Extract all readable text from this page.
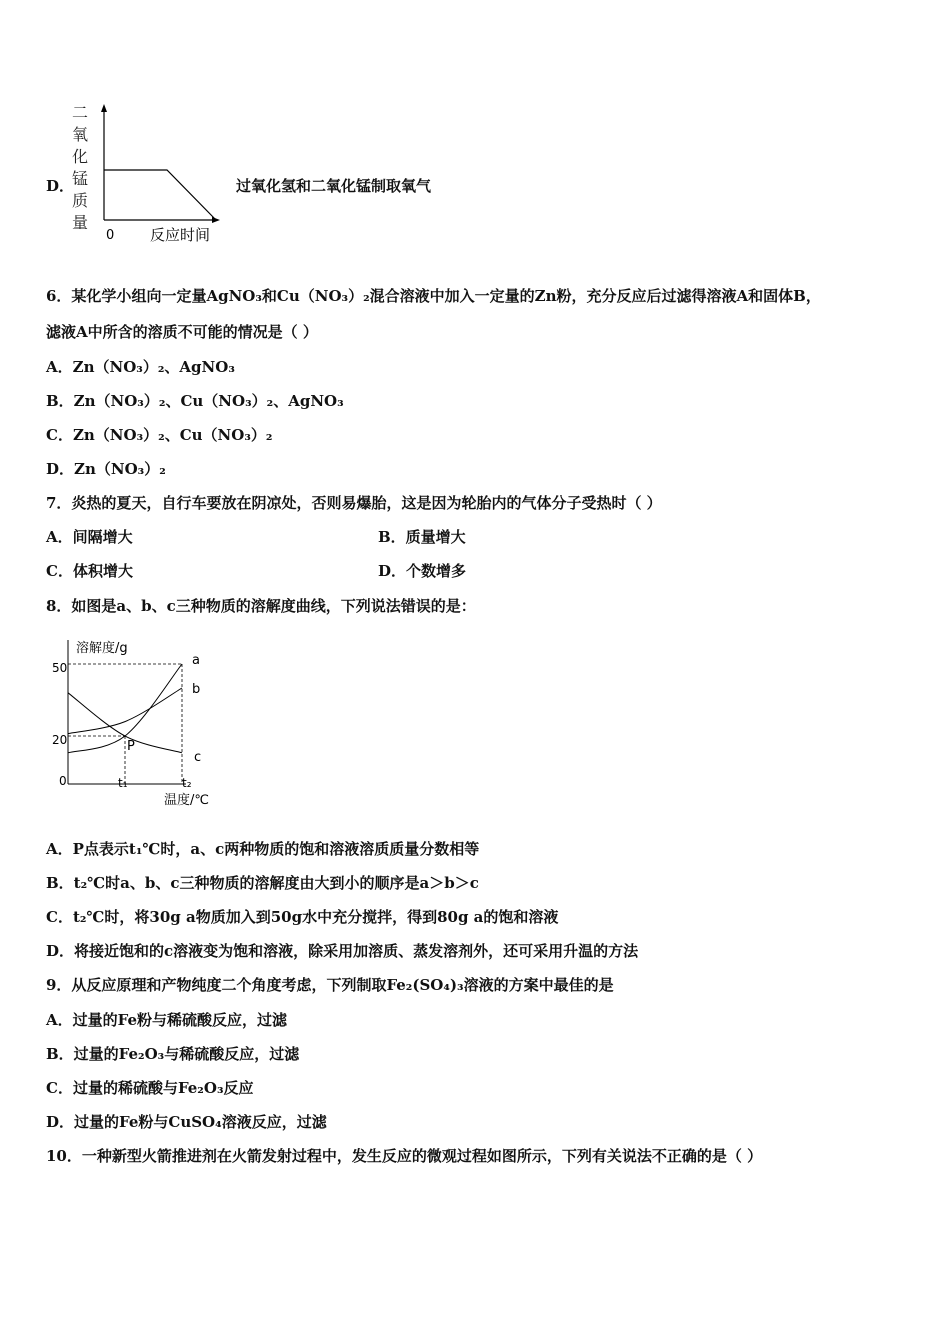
D．
二
氧
化
锰
质
量
0 反应时间
过氧化氢和二氧化锰制取氧气
6．某化学小组向一定量AgNO₃和Cu（NO₃）₂混合溶液中加入一定量的Zn粉，充分反应后过滤得溶液A和固体B，
滤液A中所含的溶质不可能的情况是（ ）
A．Zn（NO₃）₂、AgNO₃
B．Zn（NO₃）₂、Cu（NO₃）₂、AgNO₃
C．Zn（NO₃）₂、Cu（NO₃）₂
D．Zn（NO₃）₂
7．炎热的夏天，自行车要放在阴凉处，否则易爆胎，这是因为轮胎内的气体分子受热时（ ）
A．间隔增大	B．质量增大
C．体积增大	D．个数增多
8．如图是a、b、c三种物质的溶解度曲线，下列说法错误的是：
溶解度/g
温度/℃
0
50
20
t₁	t₂
a
b
c
P
A．P点表示t₁℃时，a、c两种物质的饱和溶液溶质质量分数相等
B．t₂℃时a、b、c三种物质的溶解度由大到小的顺序是a＞b＞c
C．t₂℃时，将30g a物质加入到50g水中充分搅拌，得到80g a的饱和溶液
D．将接近饱和的c溶液变为饱和溶液，除采用加溶质、蒸发溶剂外，还可采用升温的方法
9．从反应原理和产物纯度二个角度考虑，下列制取Fe₂(SO₄)₃溶液的方案中最佳的是
A．过量的Fe粉与稀硫酸反应，过滤
B．过量的Fe₂O₃与稀硫酸反应，过滤
C．过量的稀硫酸与Fe₂O₃反应
D．过量的Fe粉与CuSO₄溶液反应，过滤
10．一种新型火箭推进剂在火箭发射过程中，发生反应的微观过程如图所示，下列有关说法不正确的是（ ）
